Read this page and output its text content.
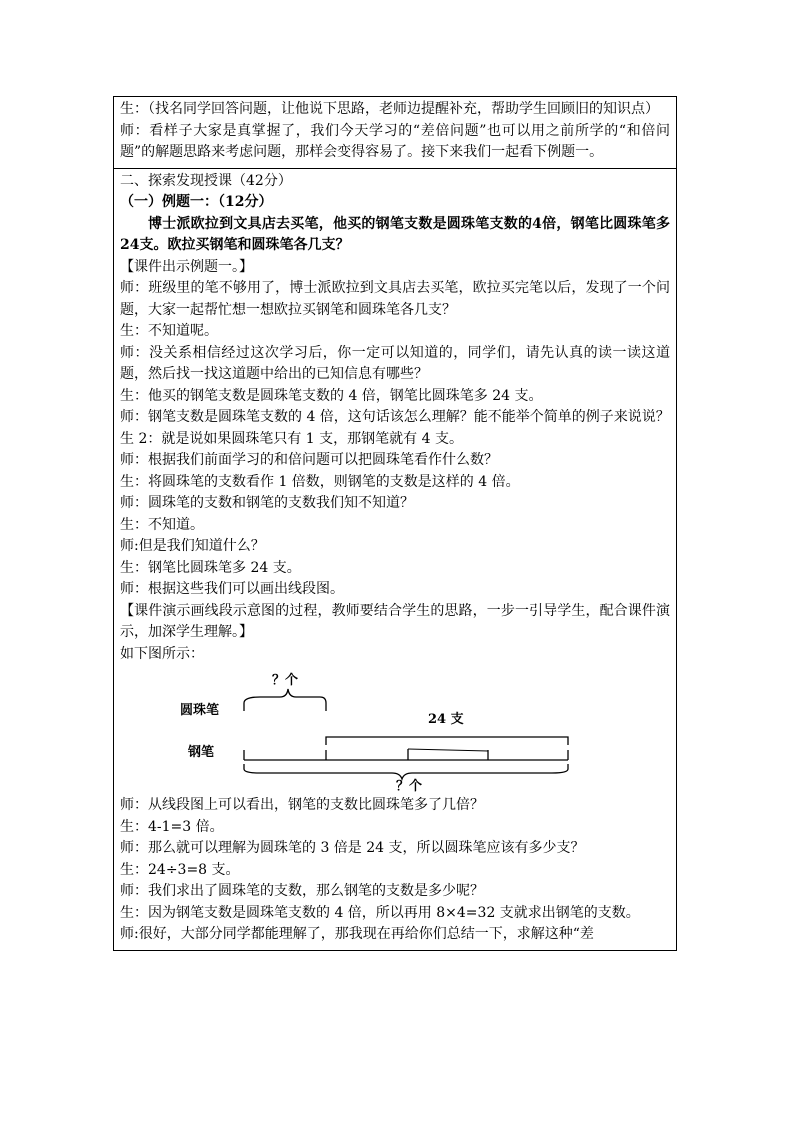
生：（找名同学回答问题，让他说下思路，老师边提醒补充，帮助学生回顾旧的知识点）

师：看样子大家是真掌握了，我们今天学习的“差倍问题”也可以用之前所学的“和倍问题”的解题思路来考虑问题，那样会变得容易了。接下来我们一起看下例题一。

二、探索发现授课（42分）

（一）例题一：（12分）

博士派欧拉到文具店去买笔，他买的钢笔支数是圆珠笔支数的4倍，钢笔比圆珠笔多24支。欧拉买钢笔和圆珠笔各几支？

【课件出示例题一。】

师：班级里的笔不够用了，博士派欧拉到文具店去买笔，欧拉买完笔以后，发现了一个问题，大家一起帮忙想一想欧拉买钢笔和圆珠笔各几支？

生：不知道呢。

师：没关系相信经过这次学习后，你一定可以知道的，同学们，请先认真的读一读这道题，然后找一找这道题中给出的已知信息有哪些？

生：他买的钢笔支数是圆珠笔支数的 4 倍，钢笔比圆珠笔多 24 支。

师：钢笔支数是圆珠笔支数的 4 倍，这句话该怎么理解？能不能举个简单的例子来说说？

生 2：就是说如果圆珠笔只有 1 支，那钢笔就有 4 支。

师：根据我们前面学习的和倍问题可以把圆珠笔看作什么数？

生：将圆珠笔的支数看作 1 倍数，则钢笔的支数是这样的 4 倍。

师：圆珠笔的支数和钢笔的支数我们知不知道？

生：不知道。

师:但是我们知道什么？

生：钢笔比圆珠笔多 24 支。

师：根据这些我们可以画出线段图。

【课件演示画线段示意图的过程，教师要结合学生的思路，一步一引导学生，配合课件演示，加深学生理解。】

如下图所示：

？个
圆珠笔
24 支
钢笔
？个

师：从线段图上可以看出，钢笔的支数比圆珠笔多了几倍？

生：4-1=3 倍。

师：那么就可以理解为圆珠笔的 3 倍是 24 支，所以圆珠笔应该有多少支？

生：24÷3=8 支。

师：我们求出了圆珠笔的支数，那么钢笔的支数是多少呢？

生：因为钢笔支数是圆珠笔支数的 4 倍，所以再用 8×4=32 支就求出钢笔的支数。

师:很好，大部分同学都能理解了，那我现在再给你们总结一下，求解这种“差
